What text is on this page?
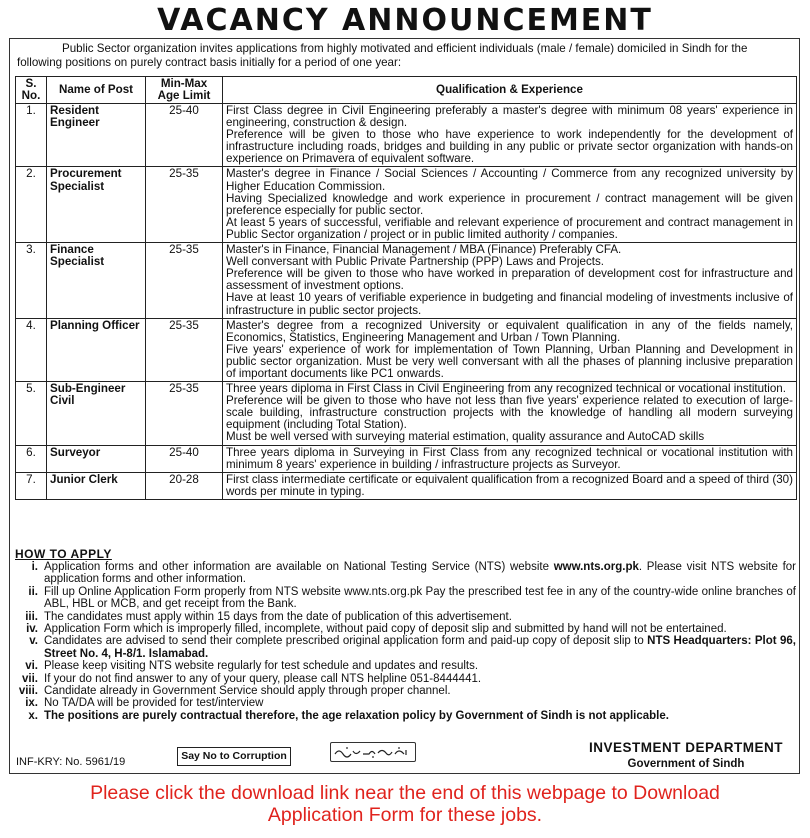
VACANCY ANNOUNCEMENT
Public Sector organization invites applications from highly motivated and efficient individuals (male / female) domiciled in Sindh for the following positions on purely contract basis initially for a period of one year:
S. No.	Name of Post	Min-Max Age Limit	Qualification & Experience
1.	Resident Engineer	25-40	First Class degree in Civil Engineering preferably a master's degree with minimum 08 years' experience in engineering, construction & design.
Preference will be given to those who have experience to work independently for the development of infrastructure including roads, bridges and building in any public or private sector organization with hands-on experience on Primavera of equivalent software.

2.	Procurement Specialist	25-35	Master's degree in Finance / Social Sciences / Accounting / Commerce from any recognized university by Higher Education Commission.
Having Specialized knowledge and work experience in procurement / contract management will be given preference especially for public sector.
At least 5 years of successful, verifiable and relevant experience of procurement and contract management in Public Sector organization / project or in public limited authority / companies.

3.	Finance Specialist	25-35	Master's in Finance, Financial Management / MBA (Finance) Preferably CFA.
Well conversant with Public Private Partnership (PPP) Laws and Projects.
Preference will be given to those who have worked in preparation of development cost for infrastructure and assessment of investment options.
Have at least 10 years of verifiable experience in budgeting and financial modeling of investments inclusive of infrastructure in public sector projects.

4.	Planning Officer	25-35	Master's degree from a recognized University or equivalent qualification in any of the fields namely, Economics, Statistics, Engineering Management and Urban / Town Planning.
Five years' experience of work for implementation of Town Planning, Urban Planning and Development in public sector organization. Must be very well conversant with all the phases of planning inclusive preparation of important documents like PC1 onwards.

5.	Sub-Engineer Civil	25-35	Three years diploma in First Class in Civil Engineering from any recognized technical or vocational institution.
Preference will be given to those who have not less than five years' experience related to execution of large-scale building, infrastructure construction projects with the knowledge of handling all modern surveying equipment (including Total Station).
Must be well versed with surveying material estimation, quality assurance and AutoCAD skills

6.	Surveyor	25-40	Three years diploma in Surveying in First Class from any recognized technical or vocational institution with minimum 8 years' experience in building / infrastructure projects as Surveyor.

7.	Junior Clerk	20-28	First class intermediate certificate or equivalent qualification from a recognized Board and a speed of third (30) words per minute in typing.
HOW TO APPLY
i. Application forms and other information are available on National Testing Service (NTS) website www.nts.org.pk. Please visit NTS website for application forms and other information.
ii. Fill up Online Application Form properly from NTS website www.nts.org.pk Pay the prescribed test fee in any of the country-wide online branches of ABL, HBL or MCB, and get receipt from the Bank.
iii. The candidates must apply within 15 days from the date of publication of this advertisement.
iv. Application Form which is improperly filled, incomplete, without paid copy of deposit slip and submitted by hand will not be entertained.
v. Candidates are advised to send their complete prescribed original application form and paid-up copy of deposit slip to NTS Headquarters: Plot 96, Street No. 4, H-8/1. Islamabad.
vi. Please keep visiting NTS website regularly for test schedule and updates and results.
vii. If your do not find answer to any of your query, please call NTS helpline 051-8444441.
viii. Candidate already in Government Service should apply through proper channel.
ix. No TA/DA will be provided for test/interview
x. The positions are purely contractual therefore, the age relaxation policy by Government of Sindh is not applicable.
INF-KRY: No. 5961/19	Say No to Corruption
INVESTMENT DEPARTMENT
Government of Sindh
Please click the download link near the end of this webpage to Download
Application Form for these jobs.
